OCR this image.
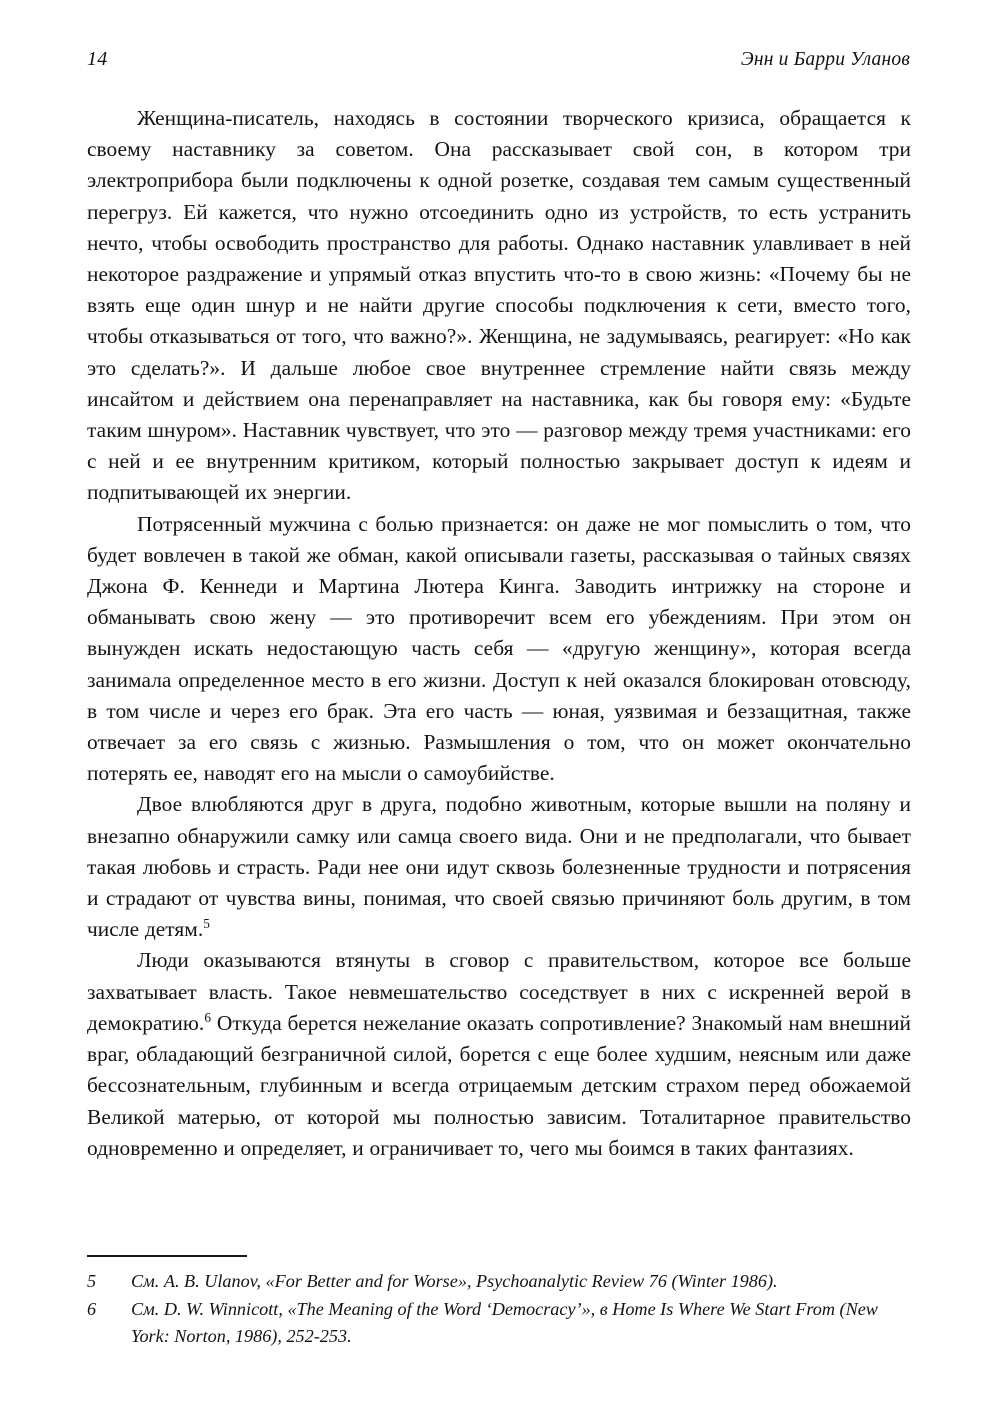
14	Энн и Барри Уланов

Женщина-писатель, находясь в состоянии творческого кризиса, обращается к своему наставнику за советом. Она рассказывает свой сон, в котором три электроприбора были подключены к одной розетке, создавая тем самым существенный перегруз. Ей кажется, что нужно отсоединить одно из устройств, то есть устранить нечто, чтобы освободить пространство для работы. Однако наставник улавливает в ней некоторое раздражение и упрямый отказ впустить что-то в свою жизнь: «Почему бы не взять еще один шнур и не найти другие способы подключения к сети, вместо того, чтобы отказываться от того, что важно?». Женщина, не задумываясь, реагирует: «Но как это сделать?». И дальше любое свое внутреннее стремление найти связь между инсайтом и действием она перенаправляет на наставника, как бы говоря ему: «Будьте таким шнуром». Наставник чувствует, что это — разговор между тремя участниками: его с ней и ее внутренним критиком, который полностью закрывает доступ к идеям и подпитывающей их энергии.

Потрясенный мужчина с болью признается: он даже не мог помыслить о том, что будет вовлечен в такой же обман, какой описывали газеты, рассказывая о тайных связях Джона Ф. Кеннеди и Мартина Лютера Кинга. Заводить интрижку на стороне и обманывать свою жену — это противоречит всем его убеждениям. При этом он вынужден искать недостающую часть себя — «другую женщину», которая всегда занимала определенное место в его жизни. Доступ к ней оказался блокирован отовсюду, в том числе и через его брак. Эта его часть — юная, уязвимая и беззащитная, также отвечает за его связь с жизнью. Размышления о том, что он может окончательно потерять ее, наводят его на мысли о самоубийстве.

Двое влюбляются друг в друга, подобно животным, которые вышли на поляну и внезапно обнаружили самку или самца своего вида. Они и не предполагали, что бывает такая любовь и страсть. Ради нее они идут сквозь болезненные трудности и потрясения и страдают от чувства вины, понимая, что своей связью причиняют боль другим, в том числе детям.$^5$

Люди оказываются втянуты в сговор с правительством, которое все больше захватывает власть. Такое невмешательство соседствует в них с искренней верой в демократию.$^6$ Откуда берется нежелание оказать сопротивление? Знакомый нам внешний враг, обладающий безграничной силой, борется с еще более худшим, неясным или даже бессознательным, глубинным и всегда отрицаемым детским страхом перед обожаемой Великой матерью, от которой мы полностью зависим. Тоталитарное правительство одновременно и определяет, и ограничивает то, чего мы боимся в таких фантазиях.

5	См. A. B. Ulanov, «For Better and for Worse», Psychoanalytic Review 76 (Winter 1986).
6	См. D. W. Winnicott, «The Meaning of the Word ‘Democracy’», в Home Is Where We Start From (New York: Norton, 1986), 252-253.
